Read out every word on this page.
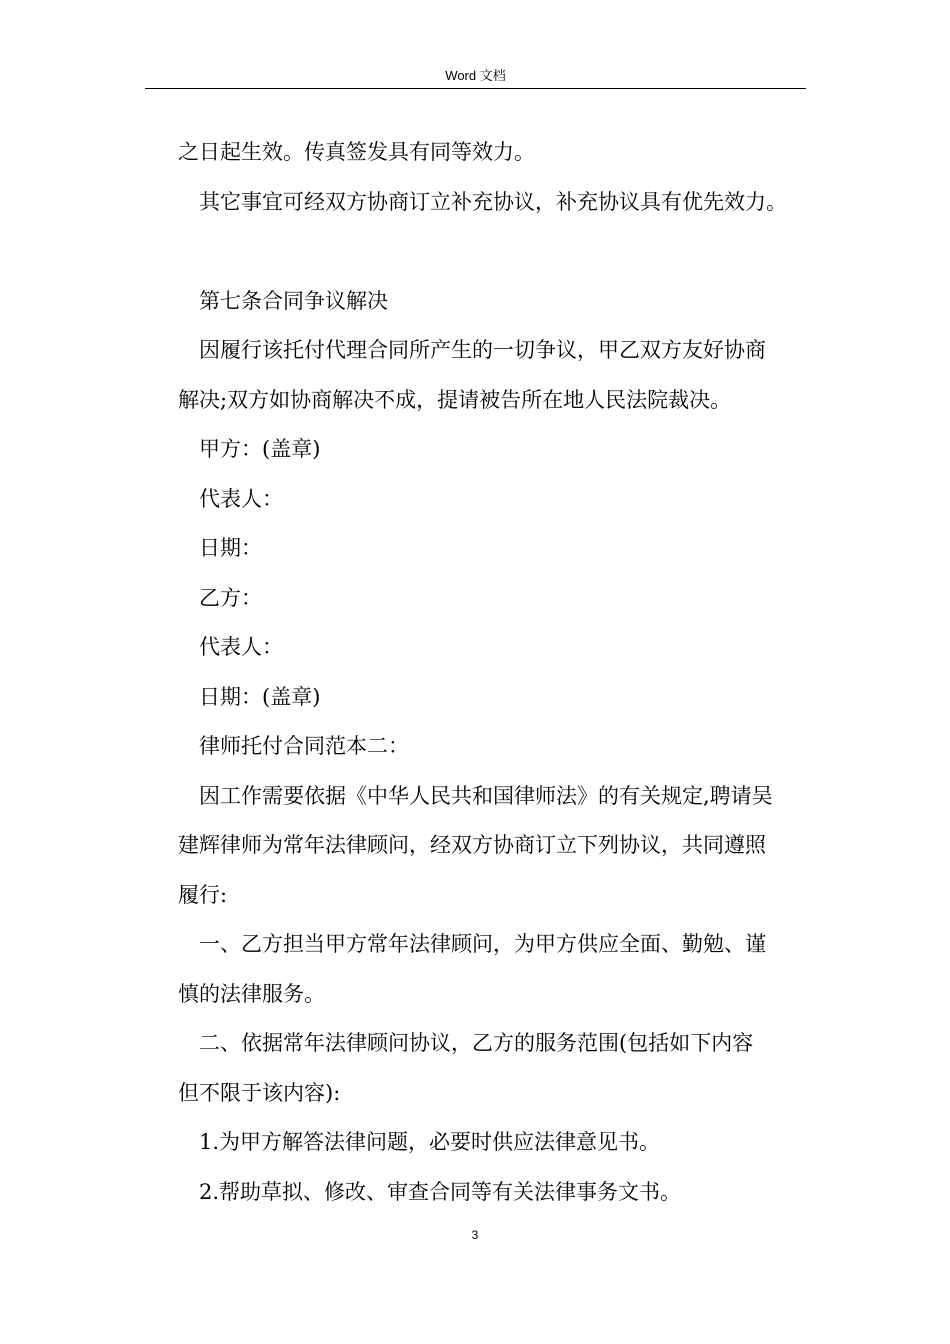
Word 文档

之日起生效。传真签发具有同等效力。

其它事宜可经双方协商订立补充协议，补充协议具有优先效力。

第七条合同争议解决

因履行该托付代理合同所产生的一切争议，甲乙双方友好协商

解决;双方如协商解决不成，提请被告所在地人民法院裁决。

甲方：(盖章)

代表人：

日期：

乙方：

代表人：

日期：(盖章)

律师托付合同范本二：

因工作需要依据《中华人民共和国律师法》的有关规定,聘请吴

建辉律师为常年法律顾问，经双方协商订立下列协议，共同遵照

履行:

一、乙方担当甲方常年法律顾问，为甲方供应全面、勤勉、谨

慎的法律服务。

二、依据常年法律顾问协议，乙方的服务范围(包括如下内容

但不限于该内容):

1.为甲方解答法律问题，必要时供应法律意见书。

2.帮助草拟、修改、审查合同等有关法律事务文书。

3
